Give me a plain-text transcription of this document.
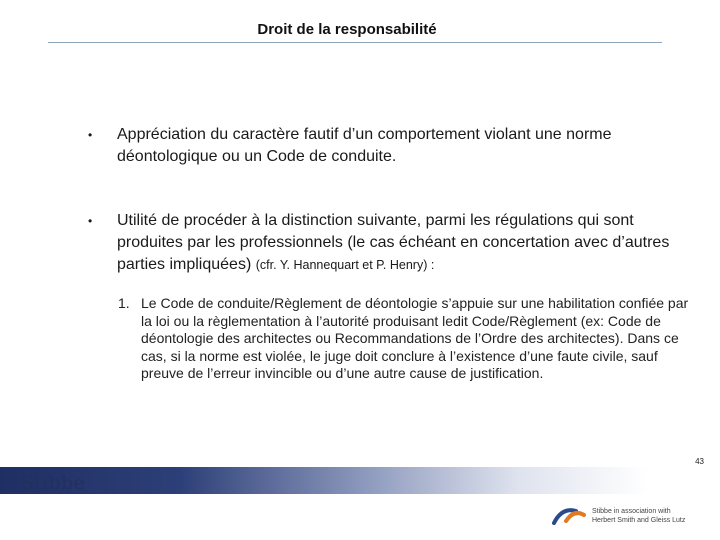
Droit de la responsabilité
•	Appréciation du caractère fautif d’un comportement violant une norme déontologique ou un Code de conduite.
•	Utilité de procéder à la distinction suivante, parmi les régulations qui sont produites par les professionnels (le cas échéant en concertation avec d’autres parties impliquées) (cfr. Y. Hannequart et P. Henry) :
1. Le Code de conduite/Règlement de déontologie s’appuie sur une habilitation confiée par la loi ou la règlementation à l’autorité produisant ledit Code/Règlement (ex: Code de déontologie des architectes ou Recommandations de l’Ordre des architectes). Dans ce cas, si la norme est violée, le juge doit conclure à l’existence d’une faute civile, sauf preuve de l’erreur invincible ou d’une autre cause de justification.
43
Stibbe
Stibbe in association with
Herbert Smith and Gleiss Lutz
